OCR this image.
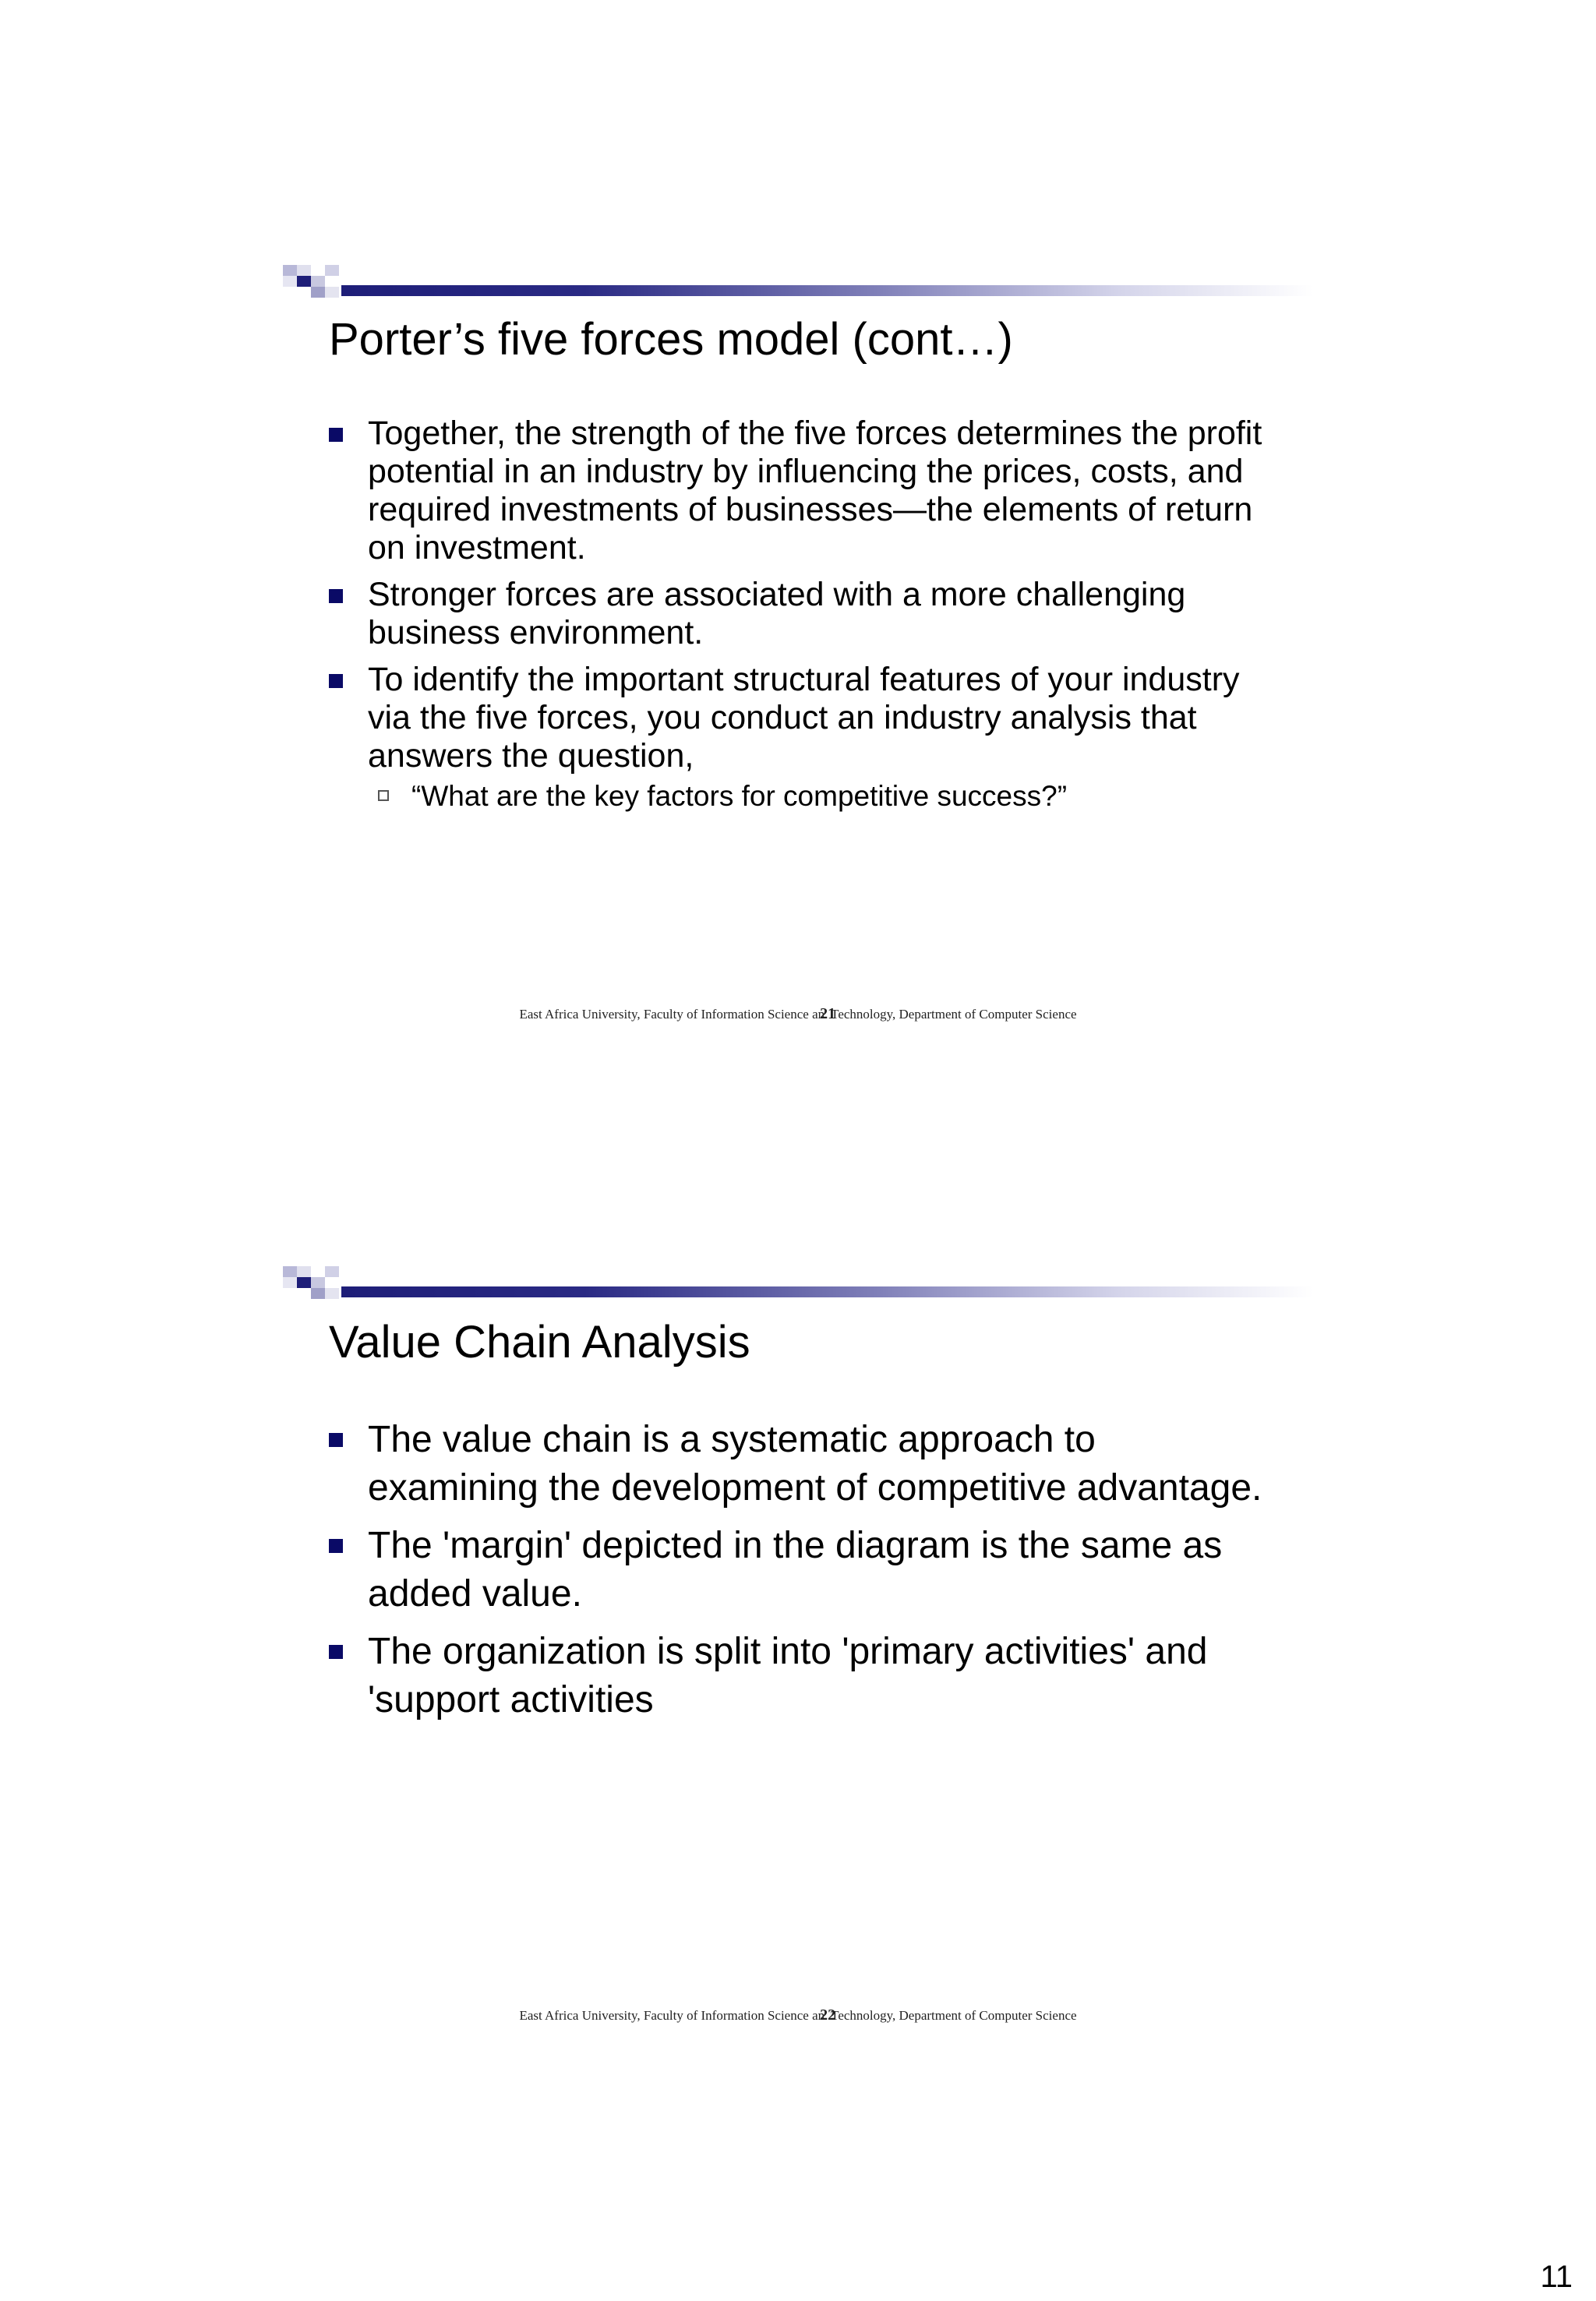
Porter’s five forces model (cont…)
Together, the strength of the five forces determines the profit potential in an industry by influencing the prices, costs, and required investments of businesses—the elements of return on investment.
Stronger forces are associated with a more challenging business environment.
To identify the important structural features of your industry via the five forces, you conduct an industry analysis that answers the question,
“What are the key factors for competitive success?”
East Africa University, Faculty of Information Science an21Technology, Department of Computer Science
Value Chain Analysis
The value chain is a systematic approach to examining the development of competitive advantage.
The 'margin' depicted in the diagram is the same as added value.
The organization is split into 'primary activities' and 'support activities
East Africa University, Faculty of Information Science an22Technology, Department of Computer Science
11
